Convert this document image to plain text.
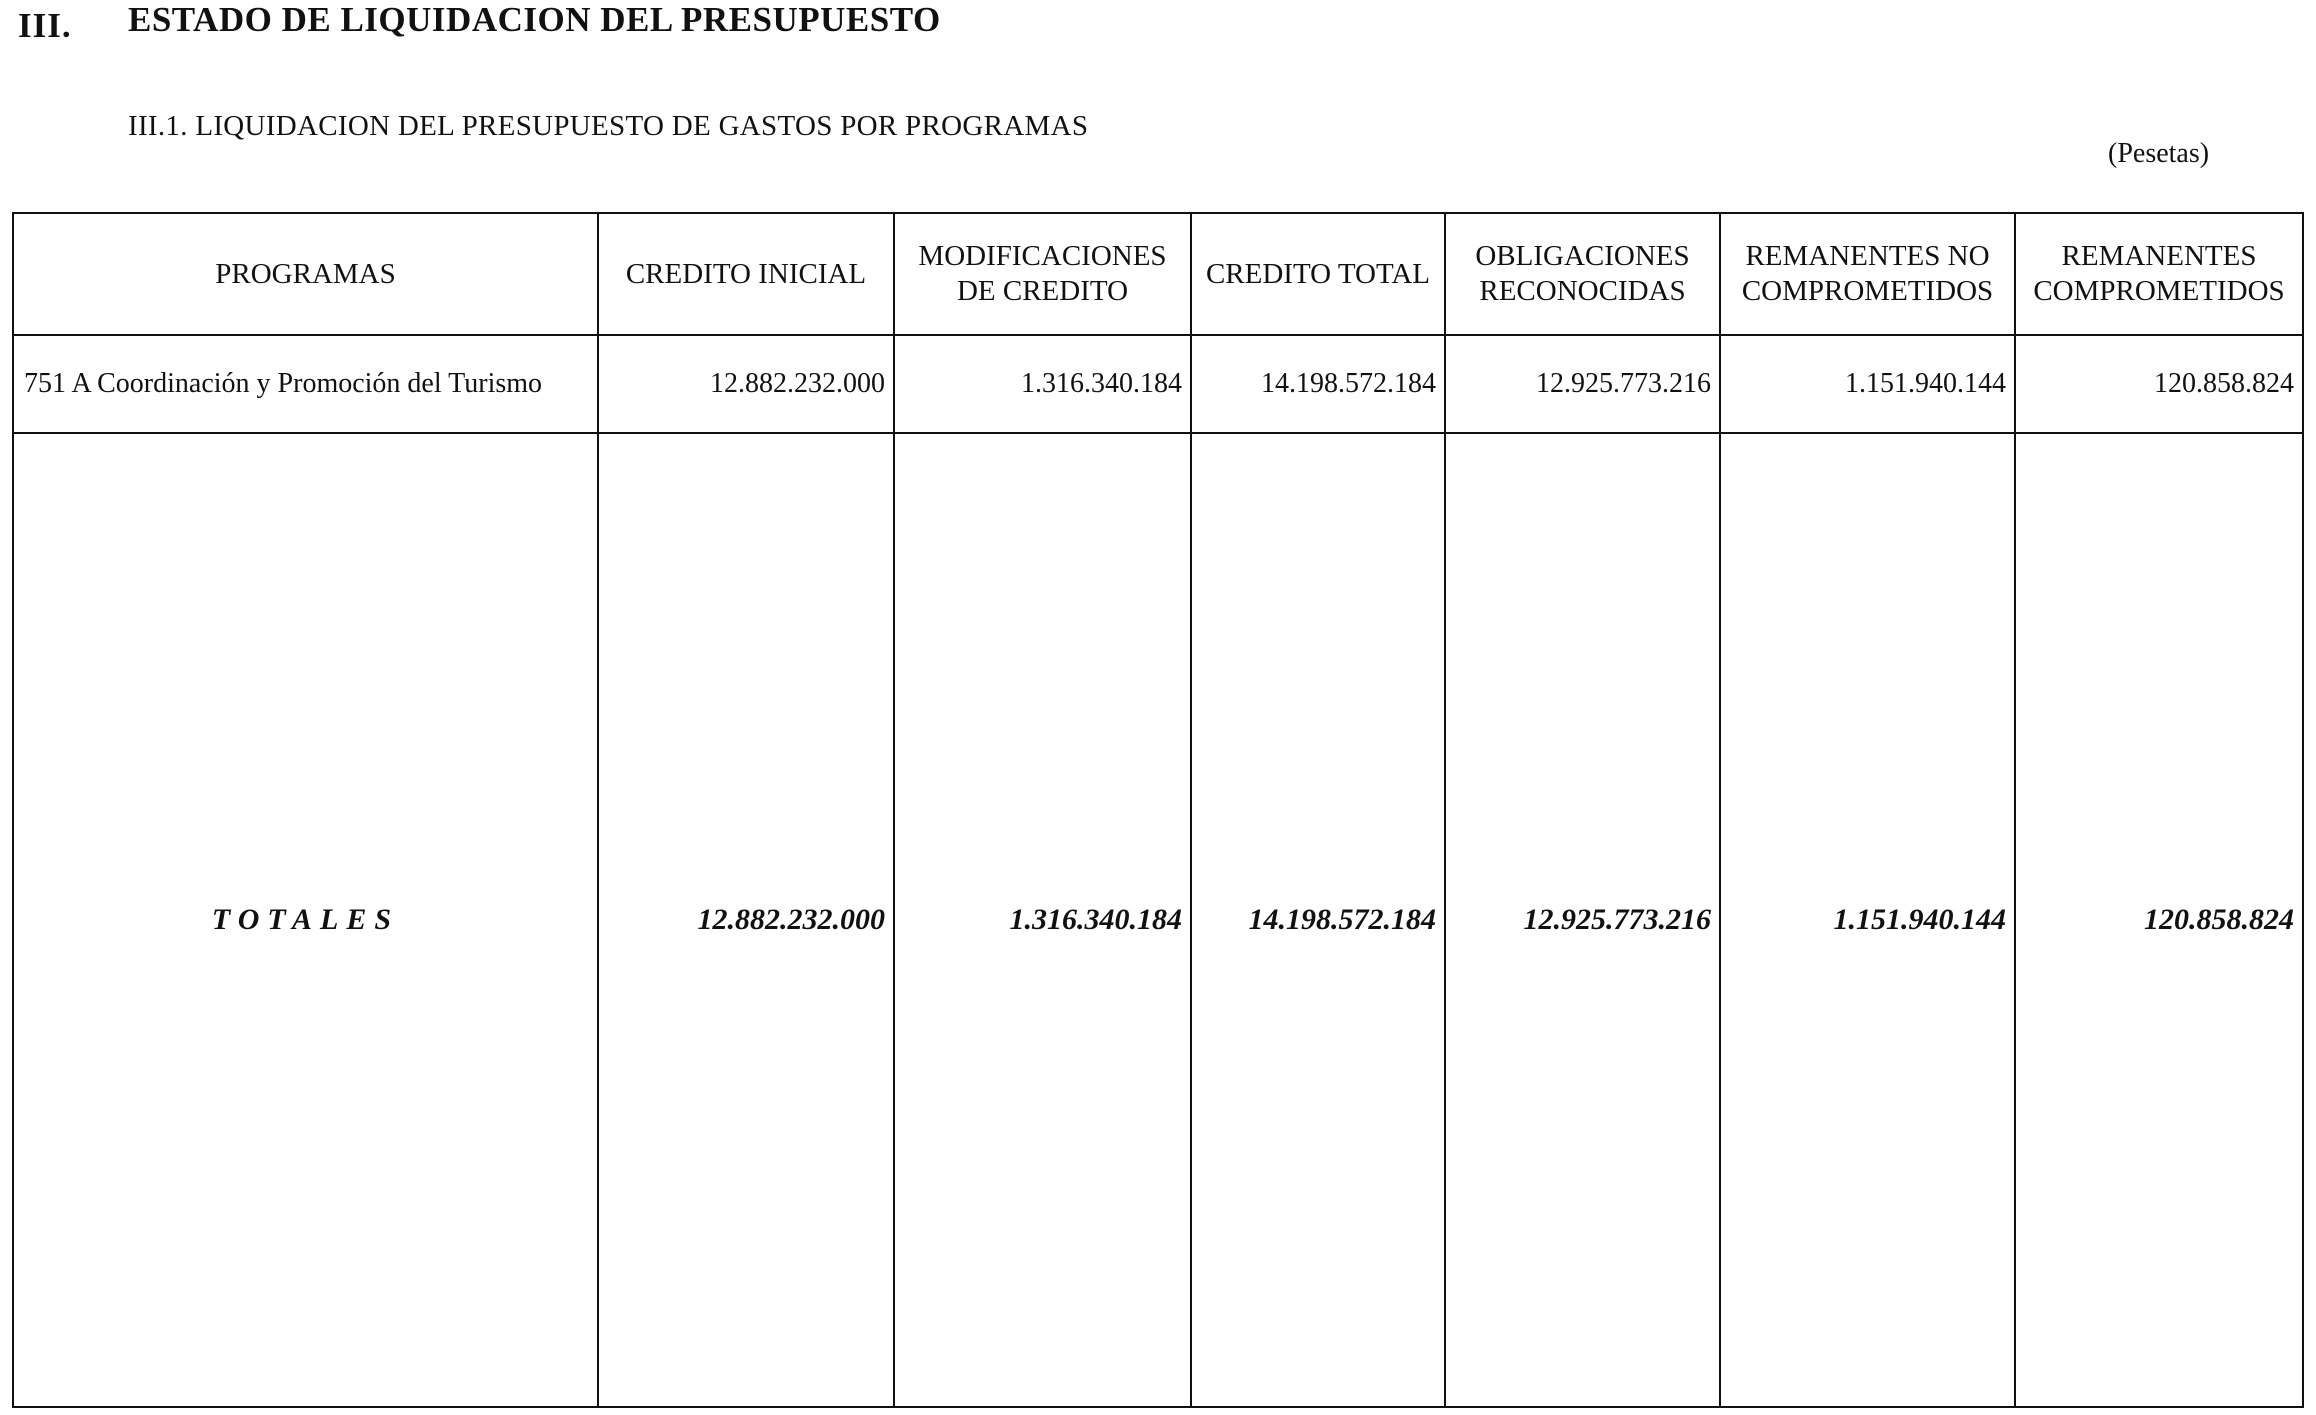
III. ESTADO DE LIQUIDACION DEL PRESUPUESTO
III.1. LIQUIDACION DEL PRESUPUESTO DE GASTOS POR PROGRAMAS
(Pesetas)
PROGRAMAS	CREDITO INICIAL	MODIFICACIONES DE CREDITO	CREDITO TOTAL	OBLIGACIONES RECONOCIDAS	REMANENTES NO COMPROMETIDOS	REMANENTES COMPROMETIDOS

751 A Coordinación y Promoción del Turismo	12.882.232.000	1.316.340.184	14.198.572.184	12.925.773.216	1.151.940.144	120.858.824
TOTALES	12.882.232.000	1.316.340.184	14.198.572.184	12.925.773.216	1.151.940.144	120.858.824
